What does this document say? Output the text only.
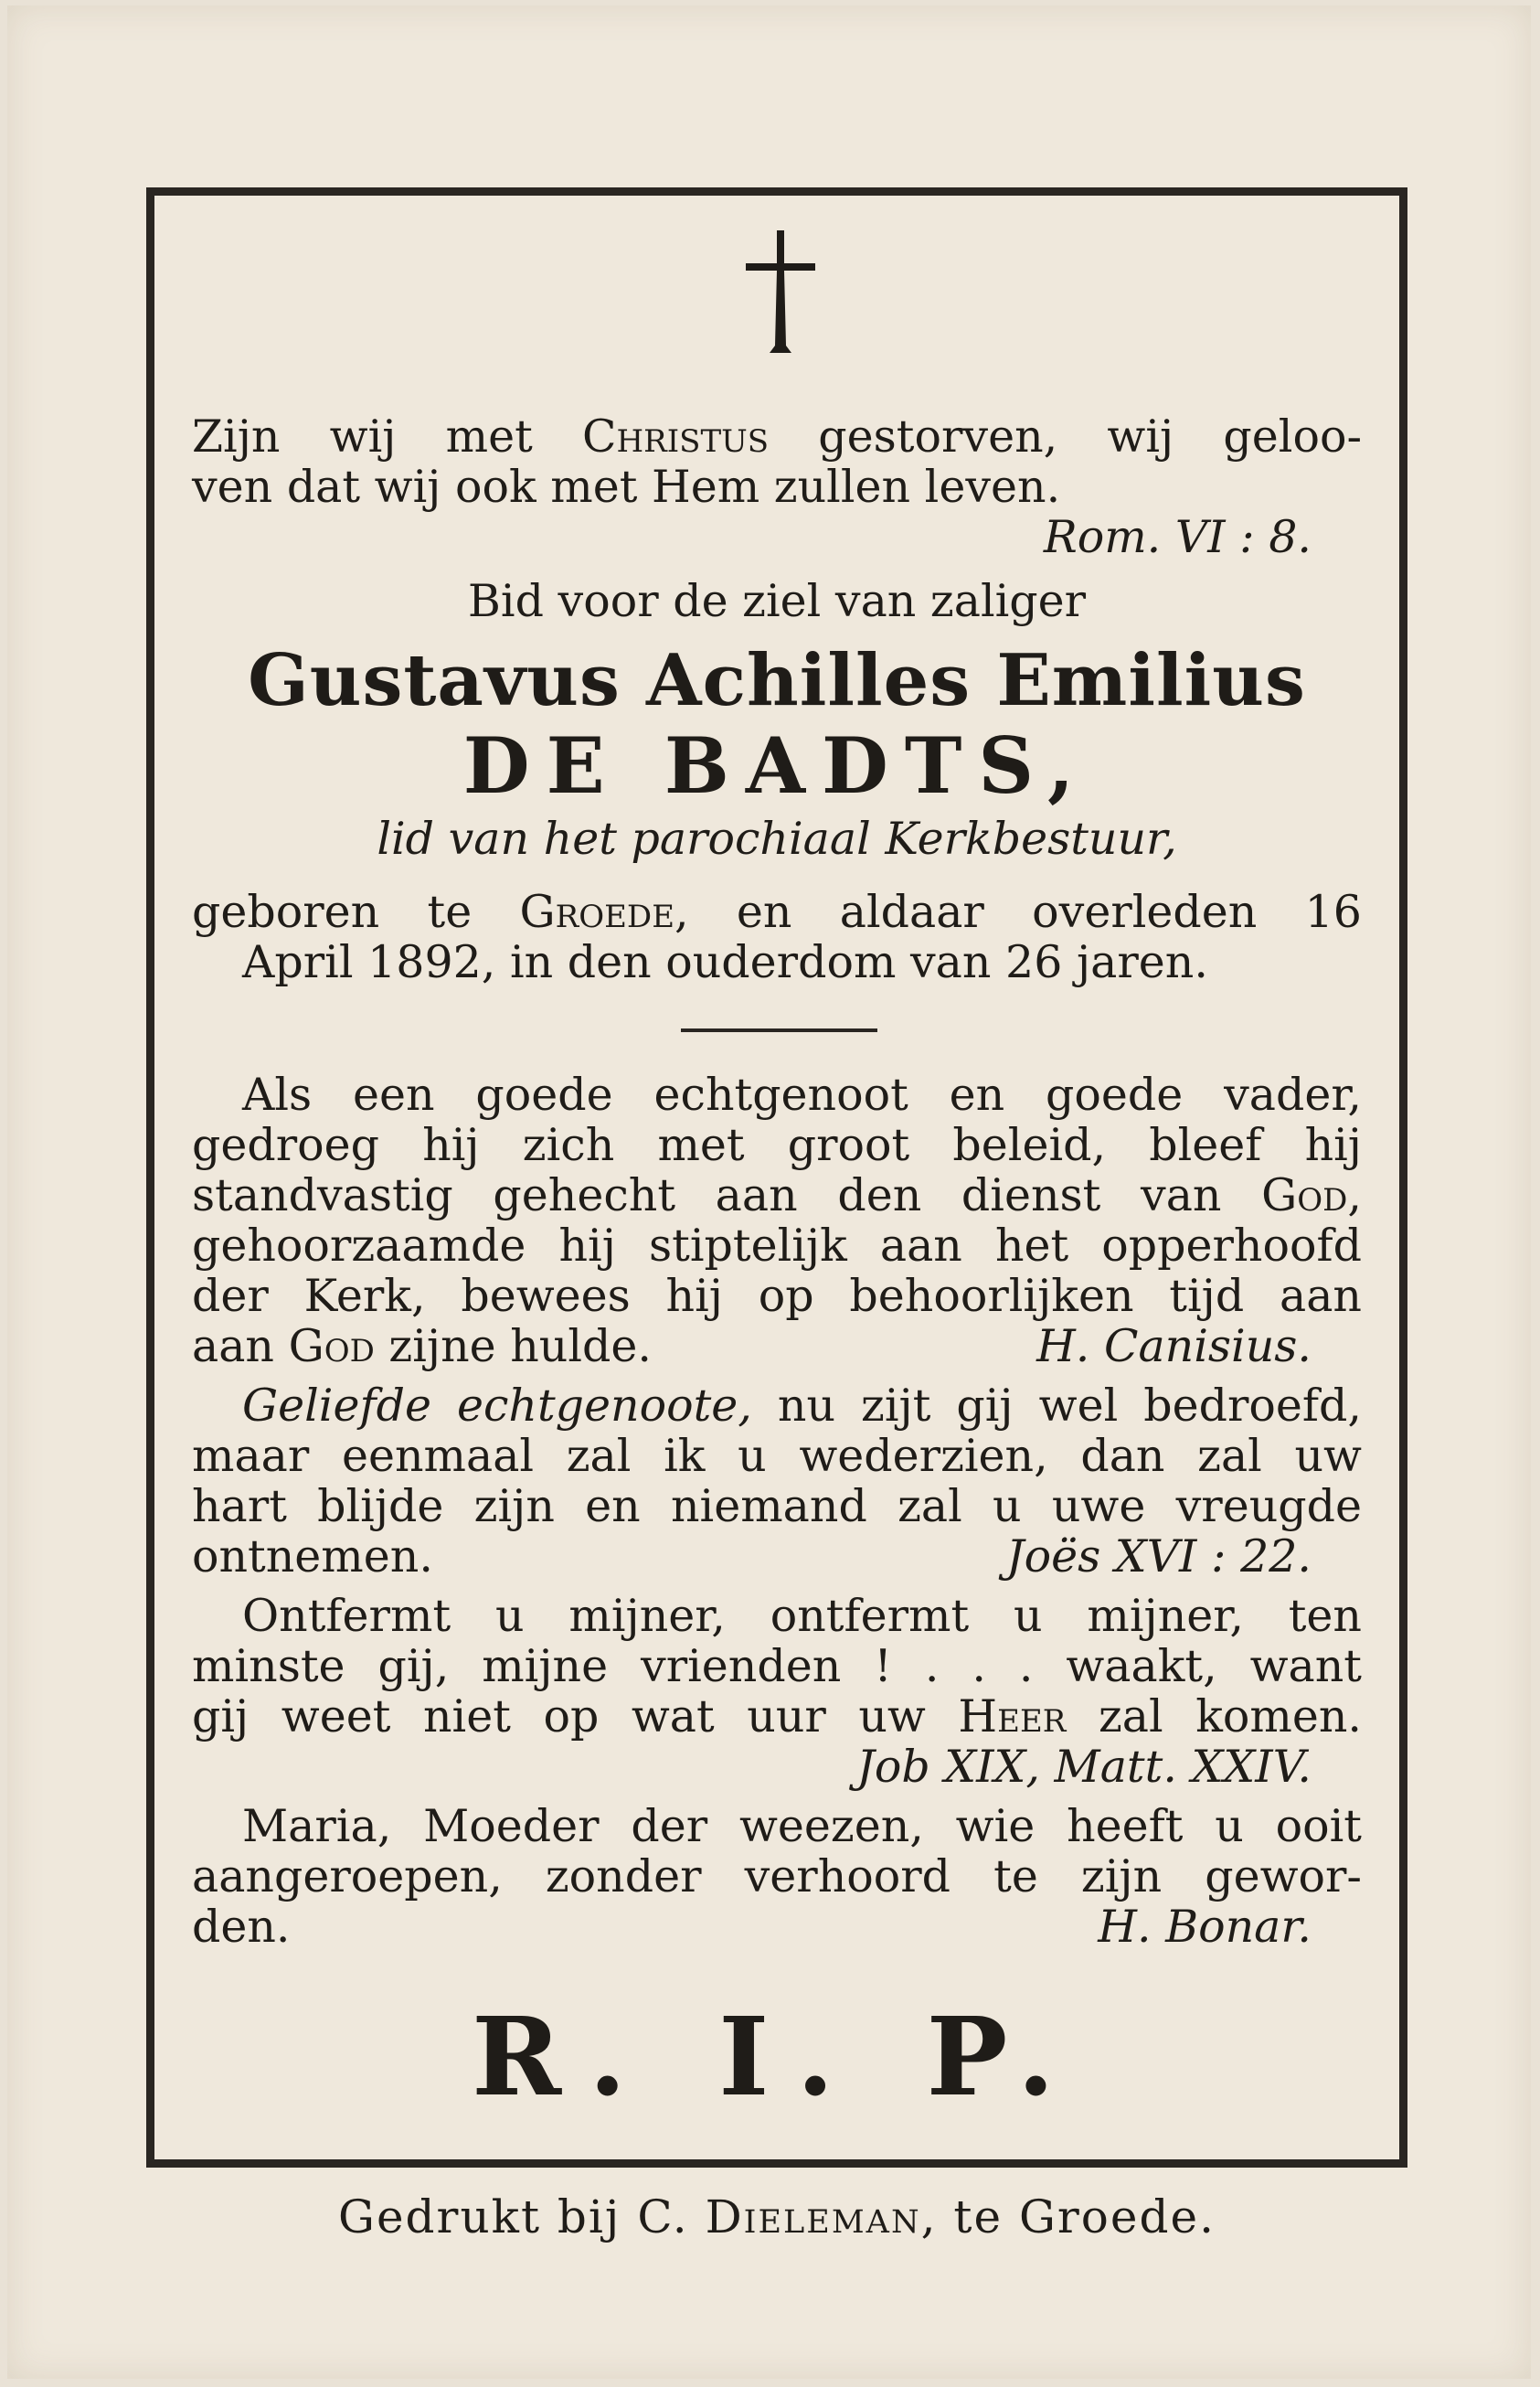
Zijn wij met Christus gestorven, wij geloo-
ven dat wij ook met Hem zullen leven.
Rom. VI : 8.
Bid voor de ziel van zaliger
Gustavus Achilles Emilius
DE BADTS,
lid van het parochiaal Kerkbestuur,
geboren te Groede, en aldaar overleden 16
April 1892, in den ouderdom van 26 jaren.
Als een goede echtgenoot en goede vader,
gedroeg hij zich met groot beleid, bleef hij
standvastig gehecht aan den dienst van God,
gehoorzaamde hij stiptelijk aan het opperhoofd
der Kerk, bewees hij op behoorlijken tijd aan
aan God zijne hulde.	H. Canisius.
Geliefde echtgenoote, nu zijt gij wel bedroefd,
maar eenmaal zal ik u wederzien, dan zal uw
hart blijde zijn en niemand zal u uwe vreugde
ontnemen.	Joës XVI : 22.
Ontfermt u mijner, ontfermt u mijner, ten
minste gij, mijne vrienden ! . . . waakt, want
gij weet niet op wat uur uw Heer zal komen.
Job XIX, Matt. XXIV.
Maria, Moeder der weezen, wie heeft u ooit
aangeroepen, zonder verhoord te zijn gewor-
den.	H. Bonar.
R. I. P.
Gedrukt bij C. Dieleman, te Groede.
